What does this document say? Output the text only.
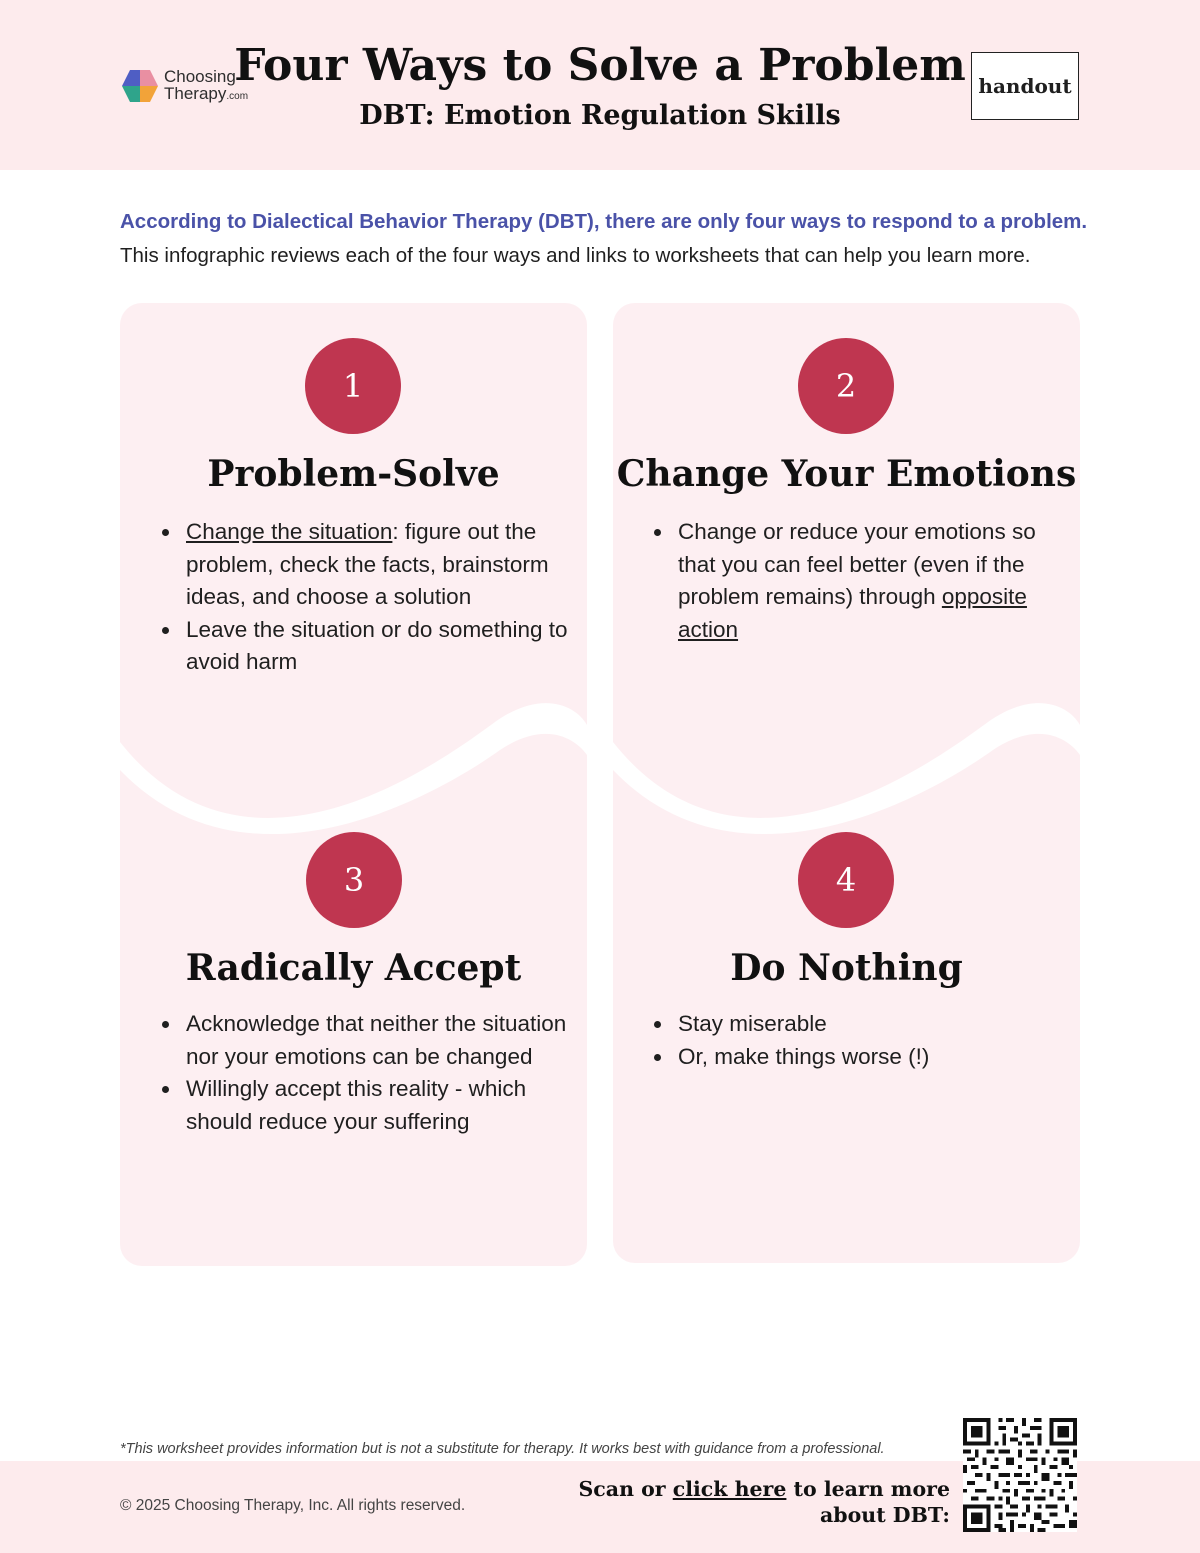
Choosing
Therapy.com
Four Ways to Solve a Problem
DBT: Emotion Regulation Skills
handout
According to Dialectical Behavior Therapy (DBT), there are only four ways to respond to a problem.
This infographic reviews each of the four ways and links to worksheets that can help you learn more.
1
Problem-Solve
• Change the situation: figure out the problem, check the facts, brainstorm ideas, and choose a solution
• Leave the situation or do something to avoid harm
2
Change Your Emotions
• Change or reduce your emotions so that you can feel better (even if the problem remains) through opposite action
3
Radically Accept
• Acknowledge that neither the situation nor your emotions can be changed
• Willingly accept this reality - which should reduce your suffering
4
Do Nothing
• Stay miserable
• Or, make things worse (!)
*This worksheet provides information but is not a substitute for therapy. It works best with guidance from a professional.
© 2025 Choosing Therapy, Inc. All rights reserved.
Scan or click here to learn more
about DBT:
